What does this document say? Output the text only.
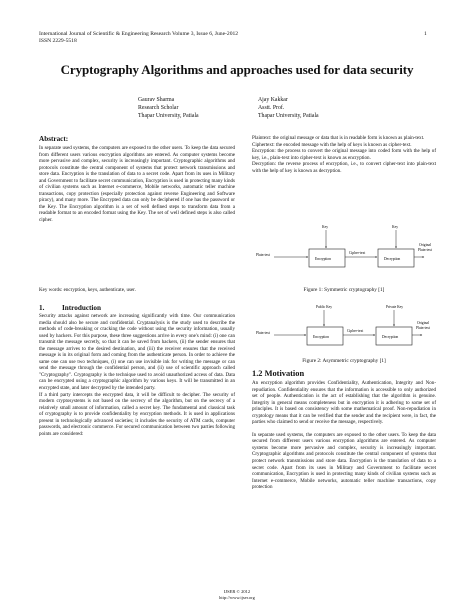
International Journal of Scientific & Engineering Research Volume 3, Issue 6, June-2012
ISSN 2229-5518
1
Cryptography Algorithms and approaches used for data security
Gaurav Sharma
Research Scholar
Thapar University, Patiala
Ajay Kakkar
Asstt. Prof.
Thapar University, Patiala
Abstract:

In separate used systems, the computers are exposed to the other users. To keep the data secured from different users various encryption algorithms are entered. As computer systems become more pervasive and complex, security is increasingly important. Cryptographic algorithms and protocols constitute the central component of systems that protect network transmissions and store data. Encryption is the translation of data to a secret code. Apart from its uses in Military and Government to facilitate secret communication, Encryption is used in protecting many kinds of civilian systems such as Internet e-commerce, Mobile networks, automatic teller machine transactions, copy protection (especially protection against reverse Engineering and Software piracy), and many more. The Encrypted data can only be deciphered if one has the password or the Key. The Encryption algorithm is a set of well defined steps to transform data from a readable format to an encoded format using the Key. The set of well defined steps is also called cipher.

Key words: encryption, keys, authenticate, user.
1. Introduction

Security attacks against network are increasing significantly with time. Our communication media should also be secure and confidential. Cryptanalysis is the study used to describe the methods of code-breaking or cracking the code without using the security information, usually used by hackers. For this purpose, these three suggestions arrive in every one's mind: (i) one can transmit the message secretly, so that it can be saved from hackers, (ii) the sender ensures that the message arrives to the desired destination, and (iii) the receiver ensures that the received message is in its original form and coming from the authenticate person. In order to achieve the same one can use two techniques, (i) one can use invisible ink for writing the message or can send the message through the confidential person, and (ii) use of scientific approach called "Cryptography". Cryptography is the technique used to avoid unauthorized access of data. Data can be encrypted using a cryptographic algorithm by various keys. It will be transmitted in an encrypted state, and later decrypted by the intended party.

If a third party intercepts the encrypted data, it will be difficult to decipher. The security of modern cryptosystems is not based on the secrecy of the algorithm, but on the secrecy of a relatively small amount of information, called a secret key. The fundamental and classical task of cryptography is to provide confidentiality by encryption methods. It is used in applications present in technologically advanced societies; it includes the security of ATM cards, computer passwords, and electronic commerce. For secured communication between two parties following points are considered:

Plaintext: the original message or data that is in readable form is known as plain-text.

Ciphertext: the encoded message with the help of keys is known as cipher-text.

Encryption: the process to convert the original message into coded form with the help of key, i.e., plain-text into cipher-text is known as encryption.

Decryption: the reverse process of encryption, i.e., to convert cipher-text into plain-text with the help of key is known as decryption.

Key	Key
Plain-text
Encryption
Cipher-text
Decryption
Original
Plain-text
Figure 1: Symmetric cryptography [1]
Public Key	Private Key
Plain-text
Encryption
Cipher-text
Decryption
Original
Plain-text
Figure 2: Asymmetric cryptography [1]
1.2 Motivation

An encryption algorithm provides Confidentiality, Authentication, Integrity and Non-repudiation. Confidentiality ensures that the information is accessible to only authorized set of people. Authentication is the act of establishing that the algorithm is genuine. Integrity in general means completeness but in encryption it is adhering to some set of principles. It is based on consistency with some mathematical proof. Non-repudiation in cryptology means that it can be verified that the sender and the recipient were, in fact, the parties who claimed to send or receive the message, respectively.

In separate used systems, the computers are exposed to the other users. To keep the data secured from different users various encryption algorithms are entered. As computer systems become more pervasive and complex, security is increasingly important. Cryptographic algorithms and protocols constitute the central component of systems that protect network transmissions and store data. Encryption is the translation of data to a secret code. Apart from its uses in Military and Government to facilitate secret communication, Encryption is used in protecting many kinds of civilian systems such as Internet e-commerce, Mobile networks, automatic teller machine transactions, copy protection

IJSER © 2012
http://www.ijser.org
